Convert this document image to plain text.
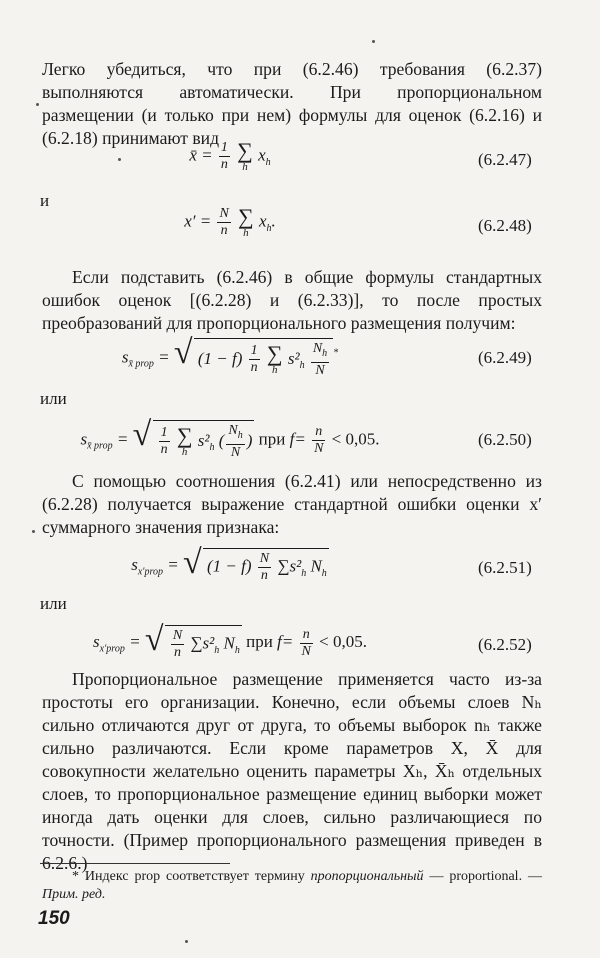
Легко убедиться, что при (6.2.46) требования (6.2.37) выполняются автоматически. При пропорциональном размещении (и только при нем) формулы для оценок (6.2.16) и (6.2.18) принимают вид
x̄ = $\frac{1}{n}$
∑
h
$x_h$	(6.2.47)
и
$x' = \frac{N}{n}$
∑
h
$x_h$.	(6.2.48)
Если подставить (6.2.46) в общие формулы стандартных ошибок оценок [(6.2.28) и (6.2.33)], то после простых преобразований для пропорционального размещения получим:
$s_{x̄ prop}$ = √ $(1 - f) \frac{1}{n}$
∑
h
$s^2_h \frac{N_h}{N} ^*$	(6.2.49)
или
$s_{x̄ prop}$ = √ $\frac{1}{n}$
∑
h
$s^2_h$ ( $\frac{N_h}{N}$ ) при $f= \frac{n}{N} < 0,05$.	(6.2.50)
С помощью соотношения (6.2.41) или непосредственно из (6.2.28) получается выражение стандартной ошибки оценки x′ суммарного значения признака:
$s_{x'prop}$ = √ $(1 - f) \frac{N}{n} \sum s^2_h$ $N_h$	(6.2.51)
или
$s_{x'prop}$ = √ $\frac{N}{n} \sum s^2_h$ $N_h$ при $f= \frac{n}{N} < 0,05$.	(6.2.52)
Пропорциональное размещение применяется часто из-за простоты его организации. Конечно, если объемы слоев Nₕ сильно отличаются друг от друга, то объемы выборок nₕ также сильно различаются. Если кроме параметров X, X̄ для совокупности желательно оценить параметры Xₕ, X̄ₕ отдельных слоев, то пропорциональное размещение единиц выборки может иногда дать оценки для слоев, сильно различающиеся по точности. (Пример пропорционального размещения приведен в 6.2.6.)
* Индекс prop соответствует термину пропорциональный — proportional. — Прим. ред.
150
